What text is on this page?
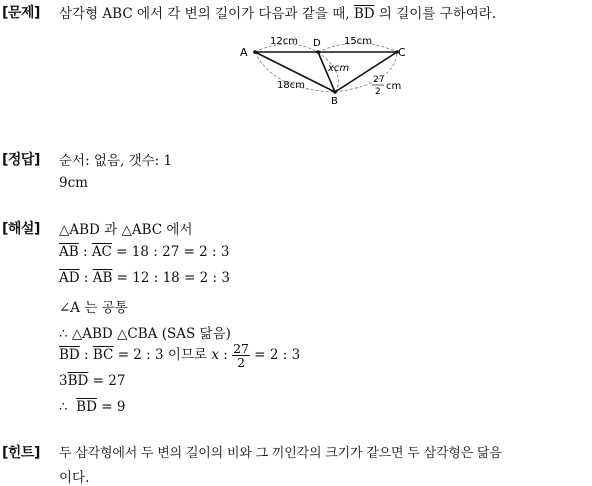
[문제] 삼각형 ABC 에서 각 변의 길이가 다음과 같을 때, $\overline{BD}$ 의 길이를 구하여라.
A
D
C
B
12cm	15cm
xcm
18cm	27
2 cm
[정답] 순서: 없음, 갯수: 1
9cm
[해설] △ABD 과 △ABC 에서
$\overline{AB}$ : $\overline{AC} = 18$ : 27 = 2 : 3
$\overline{AD}$ : $\overline{AB} = 12$ : 18 = 2 : 3
∠A 는 공통
∴ △ABD △CBA (SAS 닮음)
$\overline{BD}$ : $\overline{BC} = 2$ : 3 이므로 x : $\frac{27}{2} = 2$ : 3
$3\overline{BD} = 27$
∴  $\overline{BD} = 9$
[힌트] 두 삼각형에서 두 변의 길이의 비와 그 끼인각의 크기가 같으면 두 삼각형은 닮음
이다.
